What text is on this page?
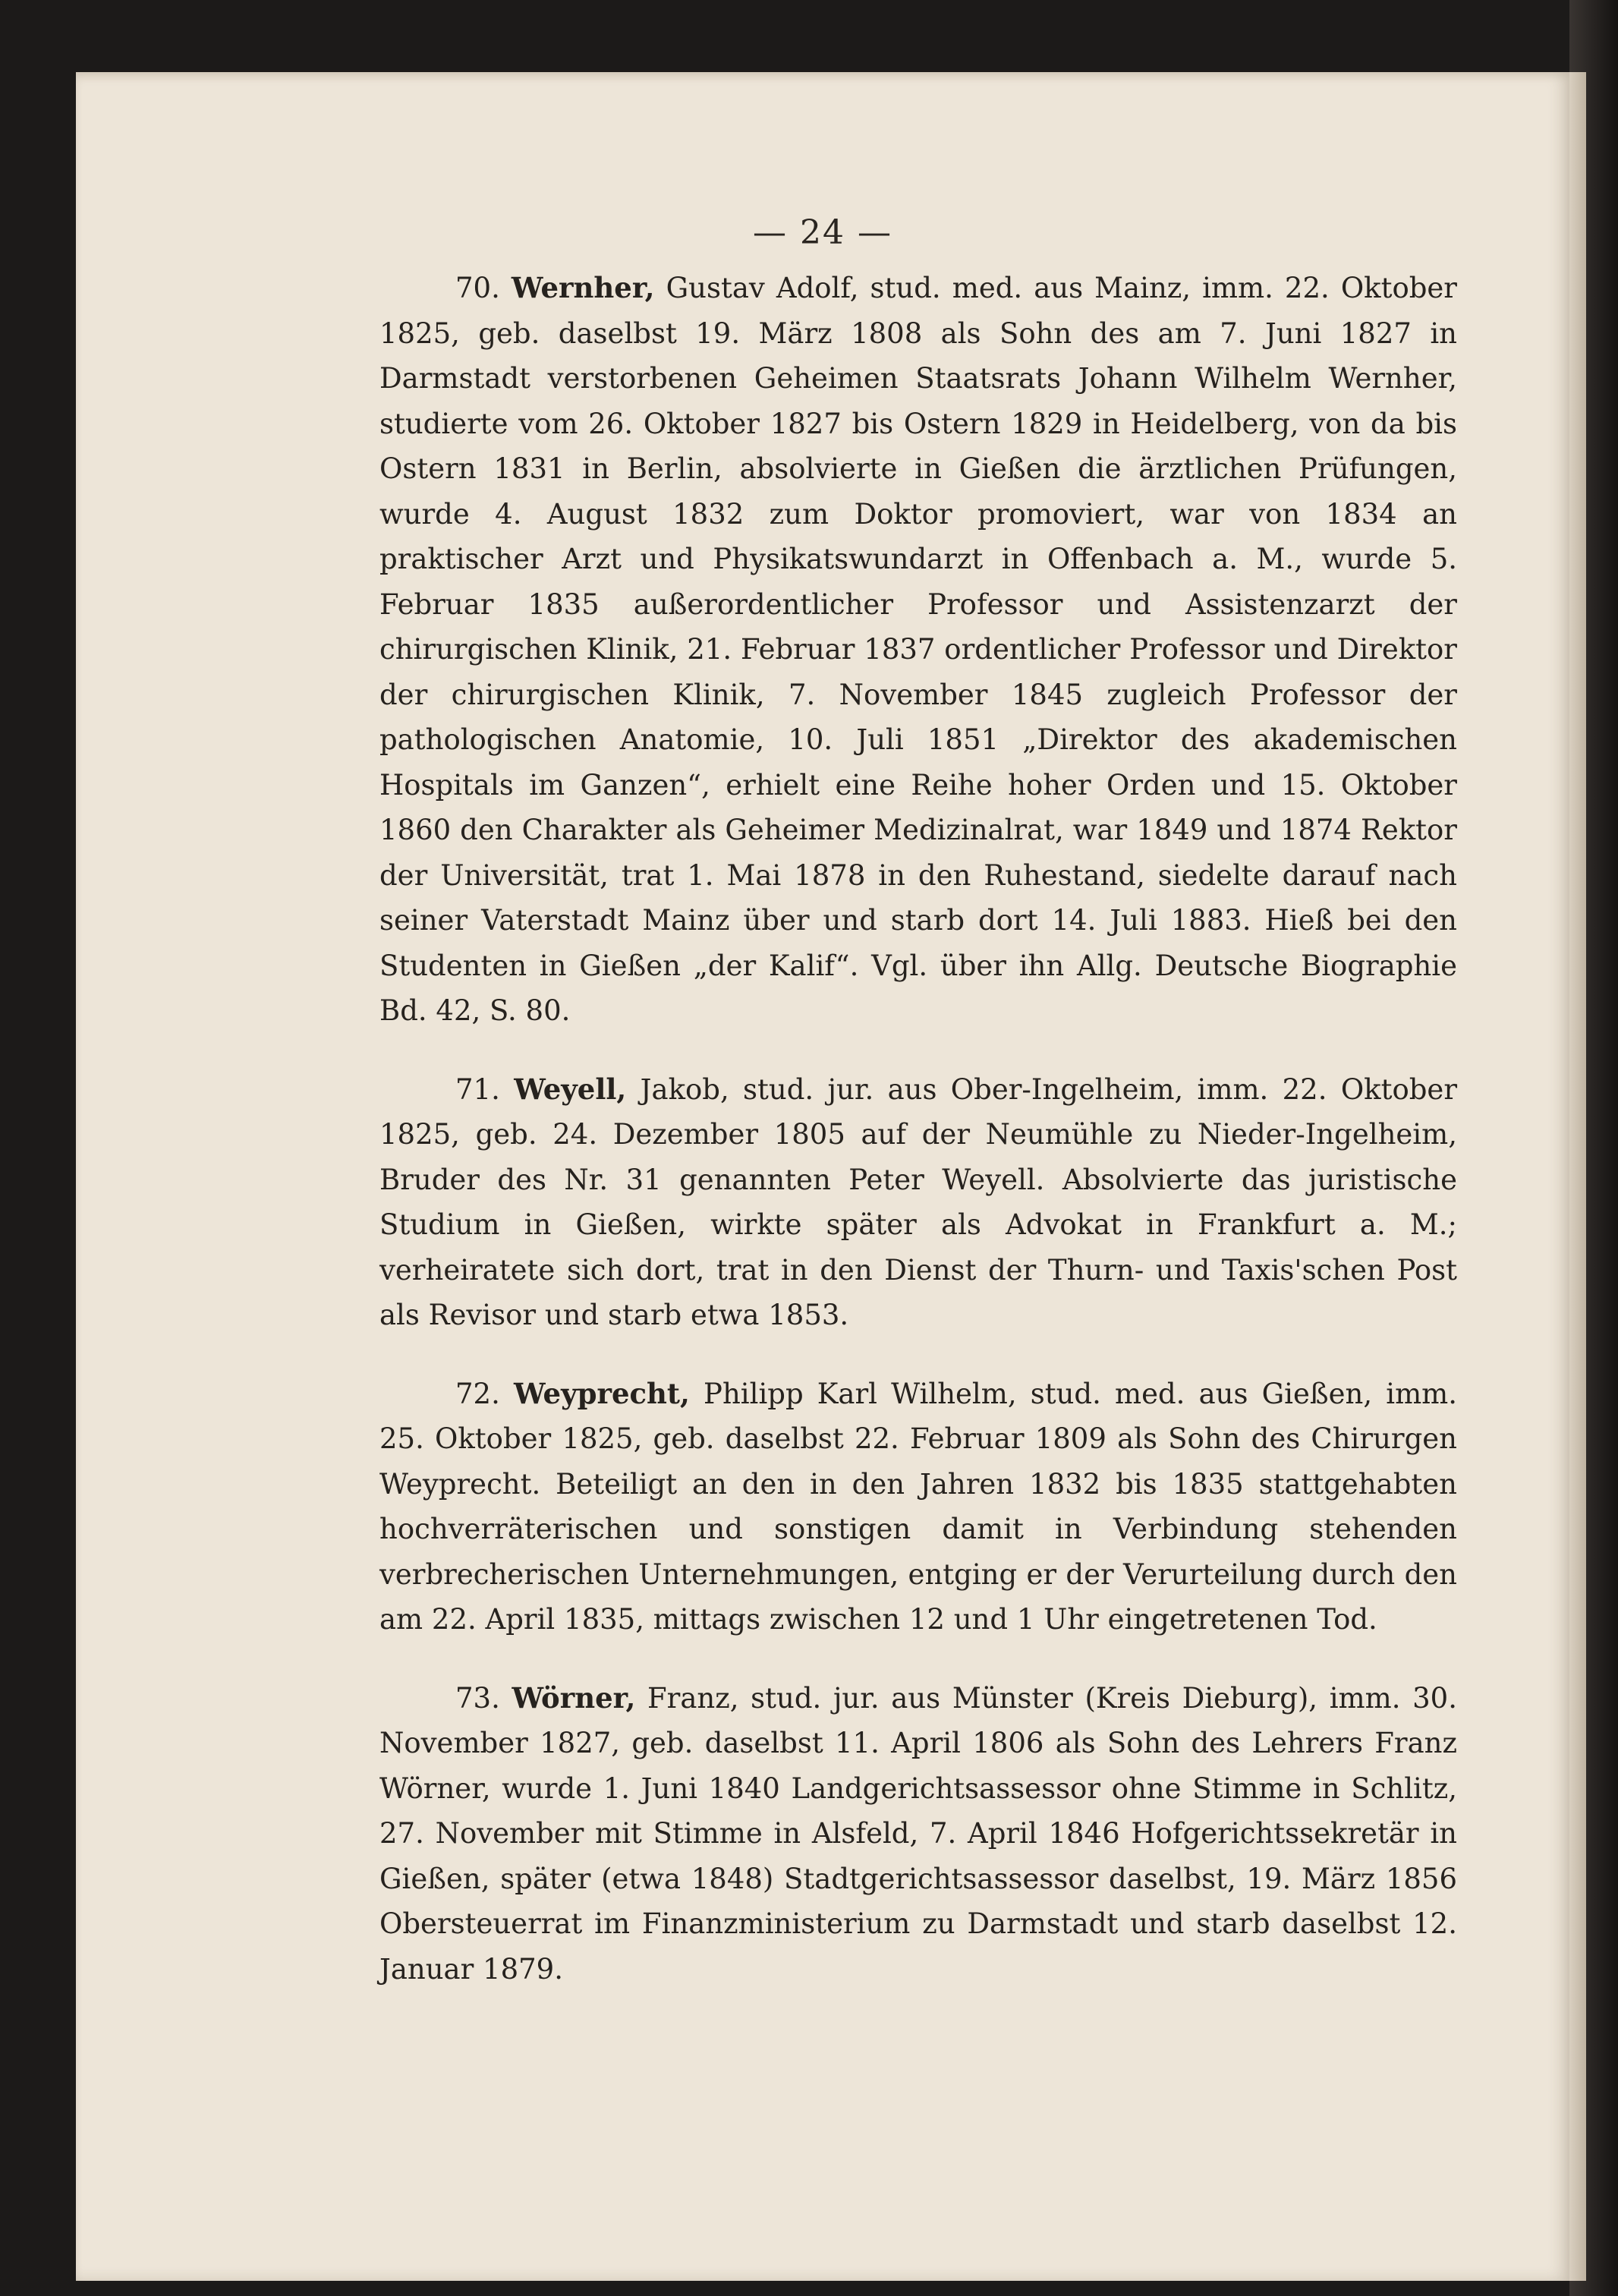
— 24 —

70. Wernher, Gustav Adolf, stud. med. aus Mainz, imm. 22. Oktober 1825, geb. daselbst 19. März 1808 als Sohn des am 7. Juni 1827 in Darmstadt verstorbenen Geheimen Staatsrats Johann Wilhelm Wernher, studierte vom 26. Oktober 1827 bis Ostern 1829 in Heidelberg, von da bis Ostern 1831 in Berlin, absolvierte in Gießen die ärztlichen Prüfungen, wurde 4. August 1832 zum Doktor promoviert, war von 1834 an praktischer Arzt und Physikatswundarzt in Offenbach a. M., wurde 5. Februar 1835 außerordentlicher Professor und Assistenzarzt der chirurgischen Klinik, 21. Februar 1837 ordentlicher Professor und Direktor der chirurgischen Klinik, 7. November 1845 zugleich Professor der pathologischen Anatomie, 10. Juli 1851 „Direktor des akademischen Hospitals im Ganzen“, erhielt eine Reihe hoher Orden und 15. Oktober 1860 den Charakter als Geheimer Medizinalrat, war 1849 und 1874 Rektor der Universität, trat 1. Mai 1878 in den Ruhestand, siedelte darauf nach seiner Vaterstadt Mainz über und starb dort 14. Juli 1883. Hieß bei den Studenten in Gießen „der Kalif“. Vgl. über ihn Allg. Deutsche Biographie Bd. 42, S. 80.

71. Weyell, Jakob, stud. jur. aus Ober-Ingelheim, imm. 22. Oktober 1825, geb. 24. Dezember 1805 auf der Neumühle zu Nieder-Ingelheim, Bruder des Nr. 31 genannten Peter Weyell. Absolvierte das juristische Studium in Gießen, wirkte später als Advokat in Frankfurt a. M.; verheiratete sich dort, trat in den Dienst der Thurn- und Taxis'schen Post als Revisor und starb etwa 1853.

72. Weyprecht, Philipp Karl Wilhelm, stud. med. aus Gießen, imm. 25. Oktober 1825, geb. daselbst 22. Februar 1809 als Sohn des Chirurgen Weyprecht. Beteiligt an den in den Jahren 1832 bis 1835 stattgehabten hochverräterischen und sonstigen damit in Verbindung stehenden verbrecherischen Unternehmungen, entging er der Verurteilung durch den am 22. April 1835, mittags zwischen 12 und 1 Uhr eingetretenen Tod.

73. Wörner, Franz, stud. jur. aus Münster (Kreis Dieburg), imm. 30. November 1827, geb. daselbst 11. April 1806 als Sohn des Lehrers Franz Wörner, wurde 1. Juni 1840 Landgerichtsassessor ohne Stimme in Schlitz, 27. November mit Stimme in Alsfeld, 7. April 1846 Hofgerichtssekretär in Gießen, später (etwa 1848) Stadtgerichtsassessor daselbst, 19. März 1856 Obersteuerrat im Finanzministerium zu Darmstadt und starb daselbst 12. Januar 1879.
